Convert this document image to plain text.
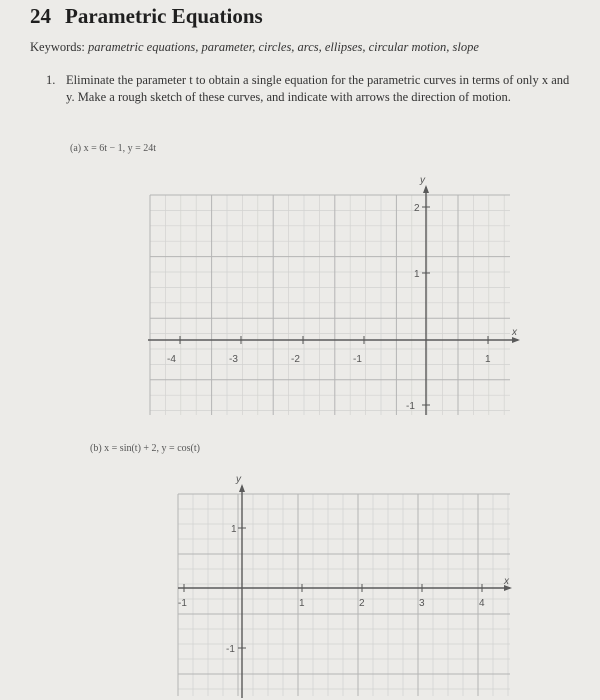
24 Parametric Equations
Keywords: parametric equations, parameter, circles, arcs, ellipses, circular motion, slope
1. Eliminate the parameter t to obtain a single equation for the parametric curves in terms of only x and y. Make a rough sketch of these curves, and indicate with arrows the direction of motion.
(a) x = 6t − 1, y = 24t
(b) x = sin(t) + 2, y = cos(t)
x
y
-4	-3	-2	-1	1
2
1
-1
x
y
-1	1	2	3	4
1
-1
